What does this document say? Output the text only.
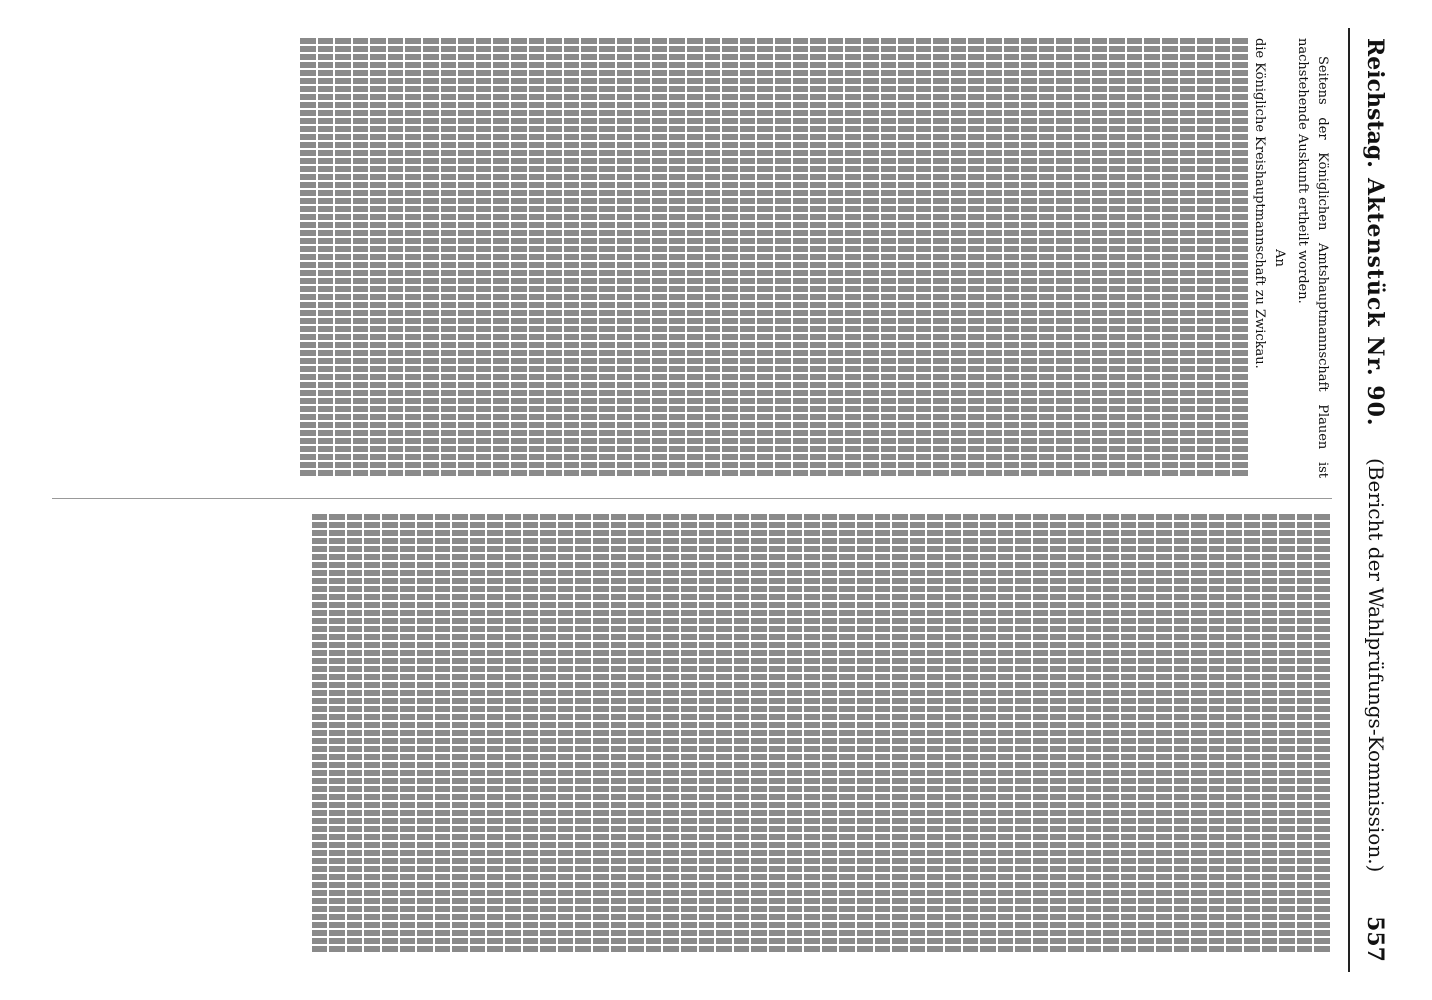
Reichstag.
Aktenstück Nr. 90.
(Bericht der Wahlprüfungs-Kommission.)
557

Seitens der Königlichen Amtshauptmannschaft Plauen ist nachstehende Auskunft ertheilt worden.

An

die Königliche Kreishauptmannschaft zu Zwickau.
